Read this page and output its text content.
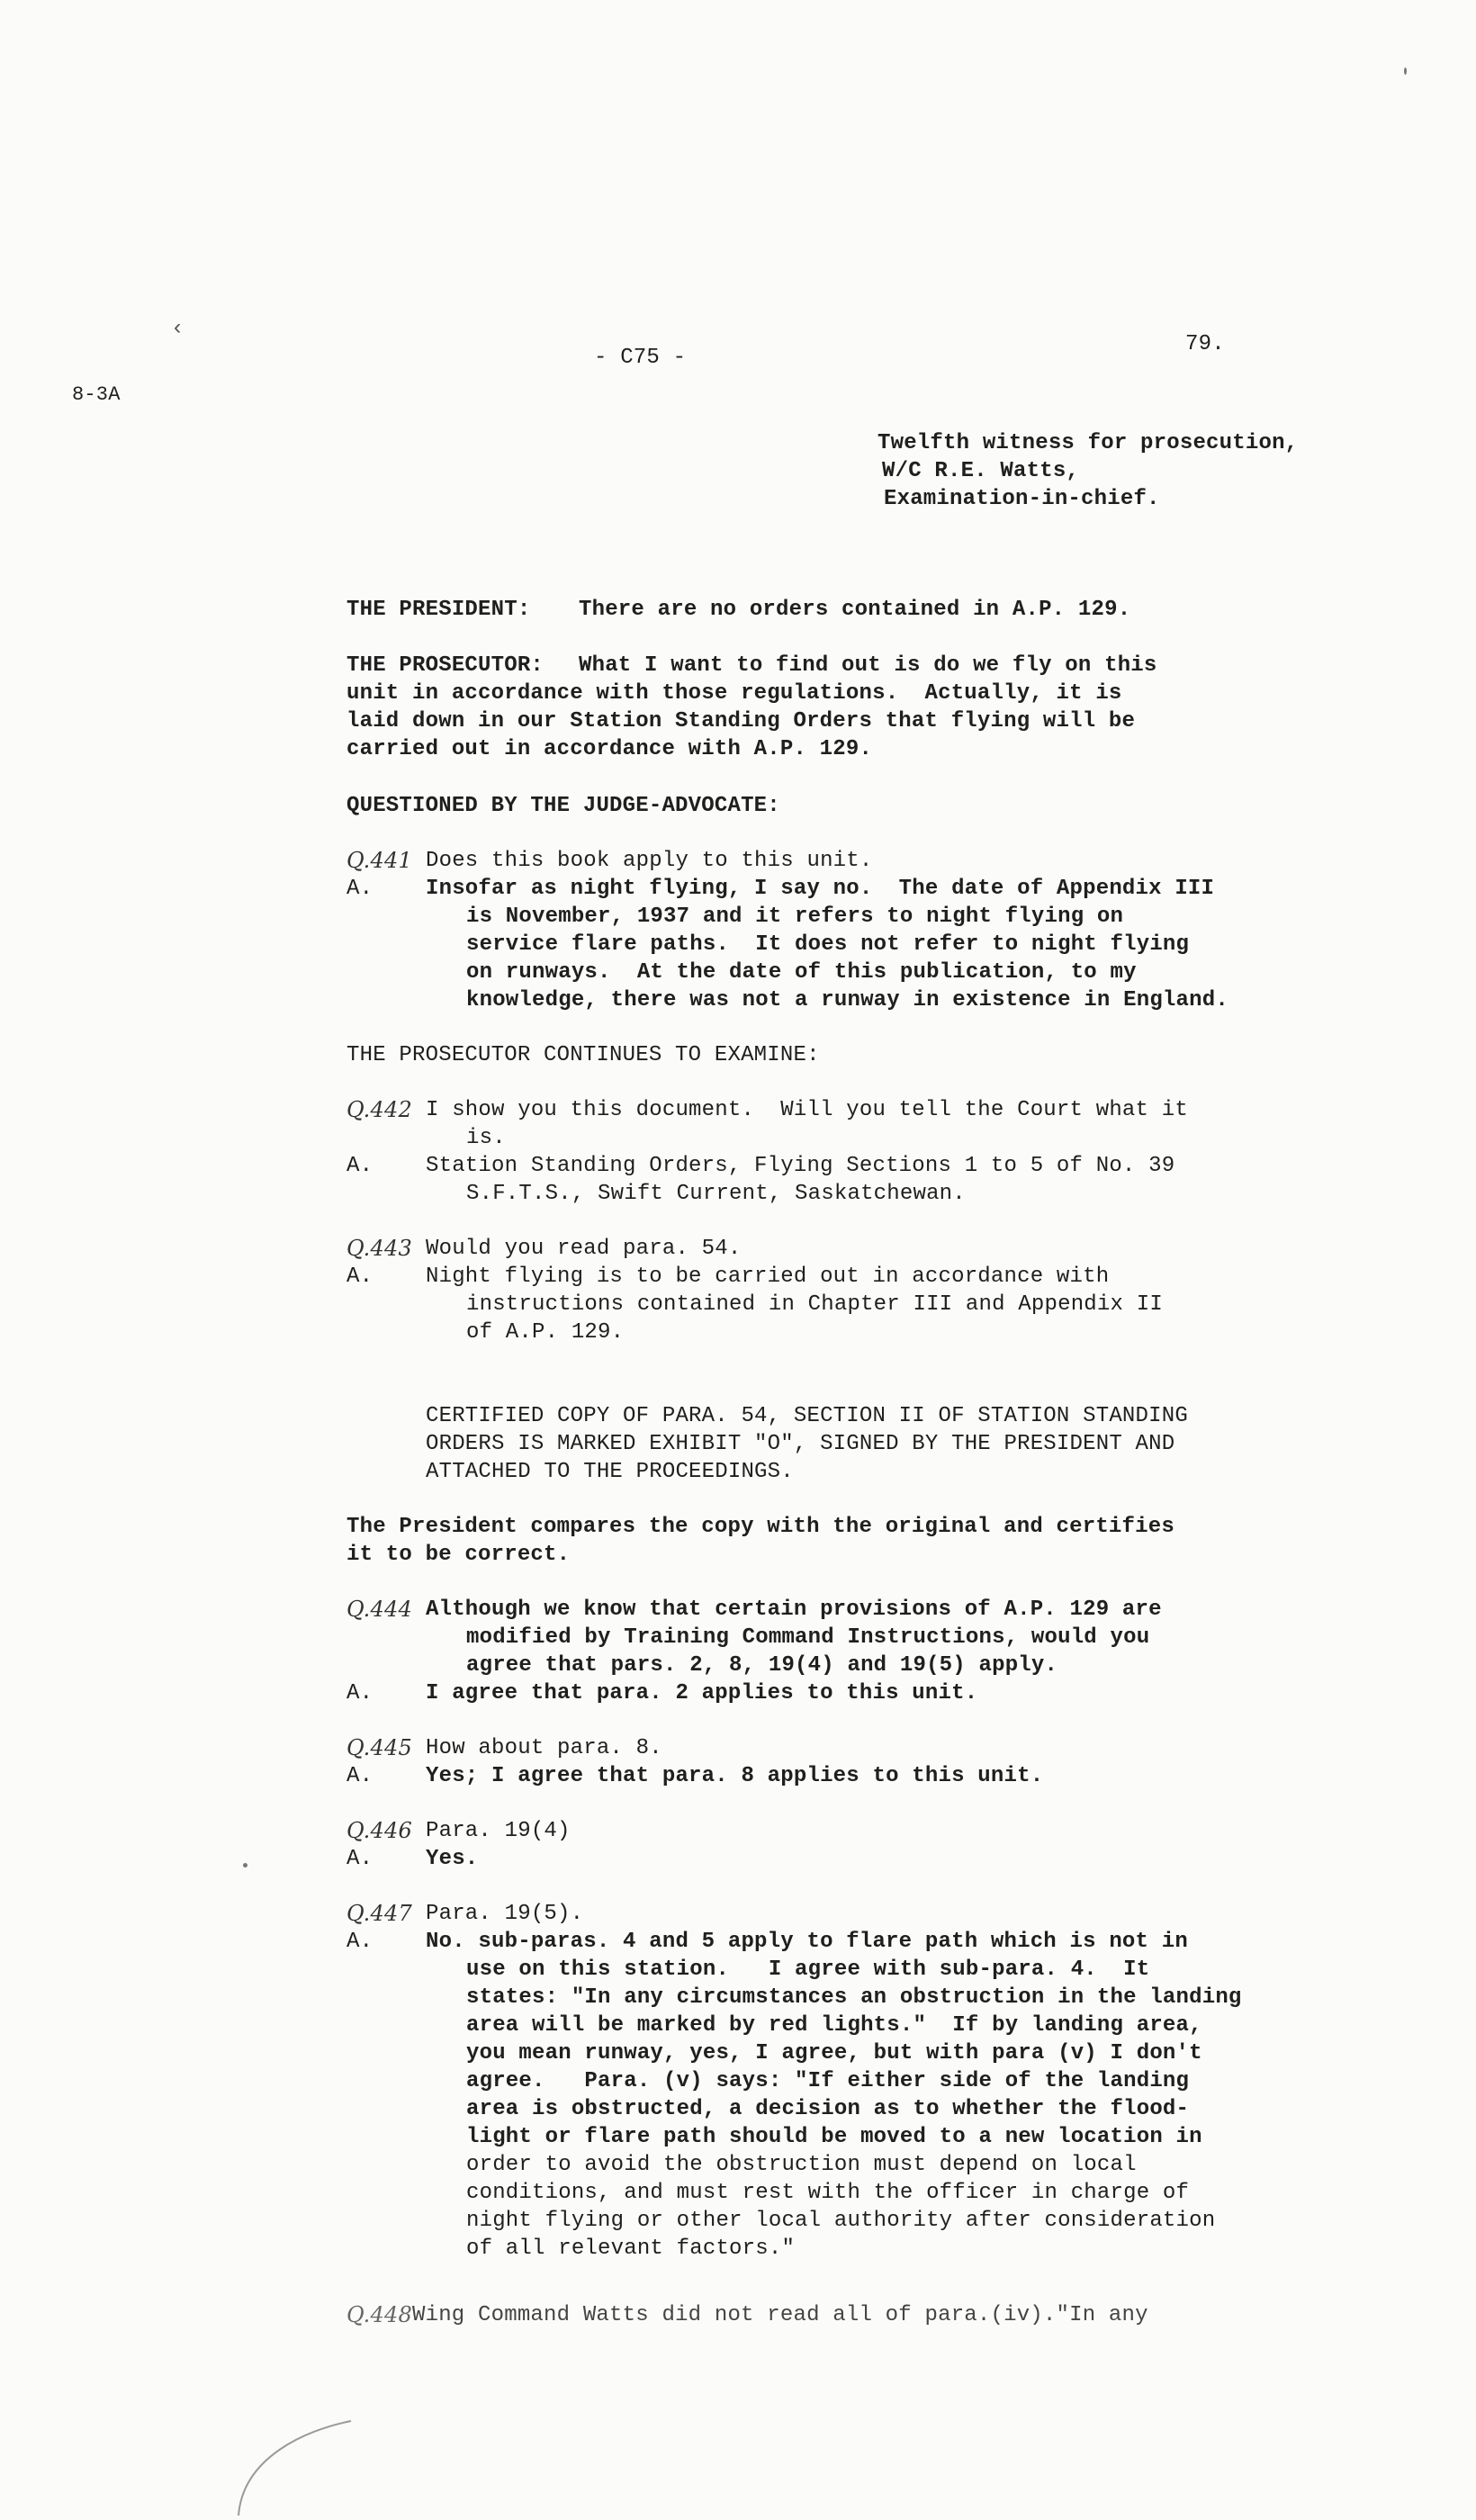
‹
8-3A
- C75 -
79.
Twelfth witness for prosecution,
W/C R.E. Watts,
Examination-in-chief.
THE PRESIDENT: There are no orders contained in A.P. 129.
THE PROSECUTOR: What I want to find out is do we fly on this
unit in accordance with those regulations.  Actually, it is
laid down in our Station Standing Orders that flying will be
carried out in accordance with A.P. 129.
QUESTIONED BY THE JUDGE-ADVOCATE:
Q.441 Does this book apply to this unit.
A. Insofar as night flying, I say no.  The date of Appendix III
is November, 1937 and it refers to night flying on
service flare paths.  It does not refer to night flying
on runways.  At the date of this publication, to my
knowledge, there was not a runway in existence in England.
THE PROSECUTOR CONTINUES TO EXAMINE:
Q.442 I show you this document.  Will you tell the Court what it
is.
A. Station Standing Orders, Flying Sections 1 to 5 of No. 39
S.F.T.S., Swift Current, Saskatchewan.
Q.443 Would you read para. 54.
A. Night flying is to be carried out in accordance with
instructions contained in Chapter III and Appendix II
of A.P. 129.
CERTIFIED COPY OF PARA. 54, SECTION II OF STATION STANDING
ORDERS IS MARKED EXHIBIT "O", SIGNED BY THE PRESIDENT AND
ATTACHED TO THE PROCEEDINGS.
The President compares the copy with the original and certifies
it to be correct.
Q.444 Although we know that certain provisions of A.P. 129 are
modified by Training Command Instructions, would you
agree that pars. 2, 8, 19(4) and 19(5) apply.
A. I agree that para. 2 applies to this unit.
Q.445 How about para. 8.
A. Yes; I agree that para. 8 applies to this unit.
Q.446 Para. 19(4)
A. Yes.
Q.447 Para. 19(5).
A. No. sub-paras. 4 and 5 apply to flare path which is not in
use on this station.   I agree with sub-para. 4.  It
states: "In any circumstances an obstruction in the landing
area will be marked by red lights."  If by landing area,
you mean runway, yes, I agree, but with para (v) I don't
agree.   Para. (v) says: "If either side of the landing
area is obstructed, a decision as to whether the flood-
light or flare path should be moved to a new location in
order to avoid the obstruction must depend on local
conditions, and must rest with the officer in charge of
night flying or other local authority after consideration
of all relevant factors."
Q.448 Wing Command Watts did not read all of para.(iv)."In any
